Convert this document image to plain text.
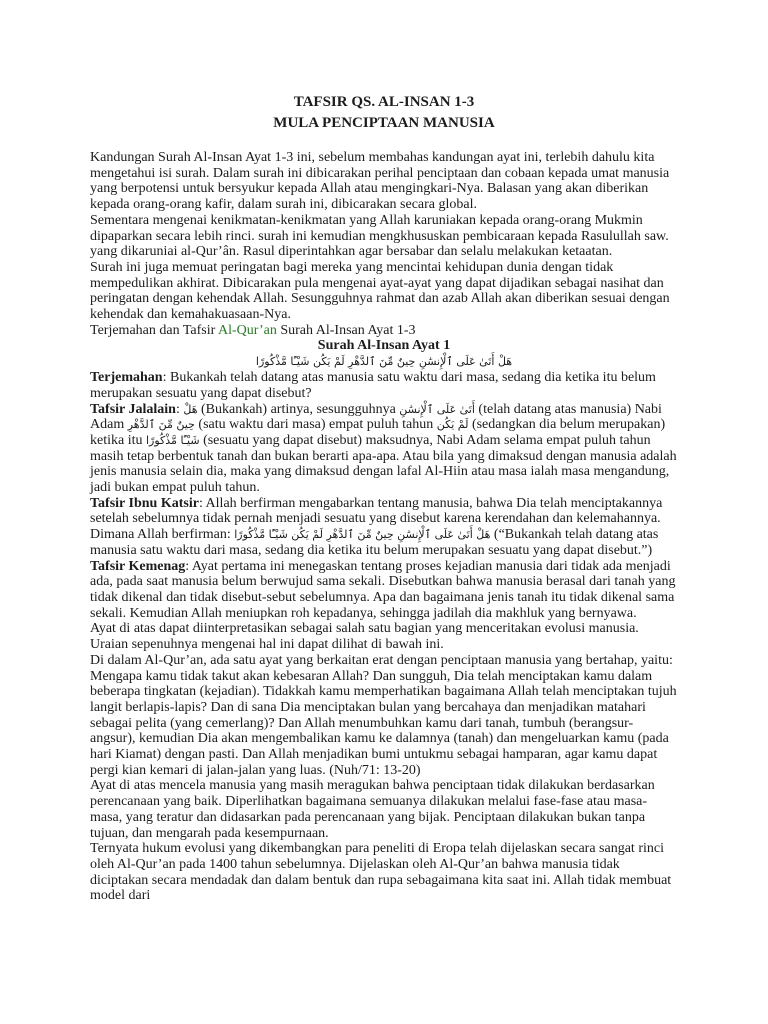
TAFSIR QS. AL-INSAN 1-3
MULA PENCIPTAAN MANUSIA

Kandungan Surah Al-Insan Ayat 1-3 ini, sebelum membahas kandungan ayat ini, terlebih dahulu kita mengetahui isi surah. Dalam surah ini dibicarakan perihal penciptaan dan cobaan kepada umat manusia yang berpotensi untuk bersyukur kepada Allah atau mengingkari-Nya. Balasan yang akan diberikan kepada orang-orang kafir, dalam surah ini, dibicarakan secara global.

Sementara mengenai kenikmatan-kenikmatan yang Allah karuniakan kepada orang-orang Mukmin dipaparkan secara lebih rinci. surah ini kemudian mengkhususkan pembicaraan kepada Rasulullah saw. yang dikaruniai al-Qur’ân. Rasul diperintahkan agar bersabar dan selalu melakukan ketaatan.

Surah ini juga memuat peringatan bagi mereka yang mencintai kehidupan dunia dengan tidak mempedulikan akhirat. Dibicarakan pula mengenai ayat-ayat yang dapat dijadikan sebagai nasihat dan peringatan dengan kehendak Allah. Sesungguhnya rahmat dan azab Allah akan diberikan sesuai dengan kehendak dan kemahakuasaan-Nya.

Terjemahan dan Tafsir Al-Qur’an Surah Al-Insan Ayat 1-3

Surah Al-Insan Ayat 1

هَلْ أَتَىٰ عَلَى ٱلْإِنسَٰنِ حِينٌ مِّنَ ٱلدَّهْرِ لَمْ يَكُن شَيْـًٔا مَّذْكُورًا

Terjemahan: Bukankah telah datang atas manusia satu waktu dari masa, sedang dia ketika itu belum merupakan sesuatu yang dapat disebut?

Tafsir Jalalain: هَلْ (Bukankah) artinya, sesungguhnya أَتَىٰ عَلَى ٱلْإِنسَٰنِ (telah datang atas manusia) Nabi Adam حِينٌ مِّنَ ٱلدَّهْرِ (satu waktu dari masa) empat puluh tahun لَمْ يَكُن (sedangkan dia belum merupakan) ketika itu شَيْـًٔا مَّذْكُورًا (sesuatu yang dapat disebut) maksudnya, Nabi Adam selama empat puluh tahun masih tetap berbentuk tanah dan bukan berarti apa-apa. Atau bila yang dimaksud dengan manusia adalah jenis manusia selain dia, maka yang dimaksud dengan lafal Al-Hiin atau masa ialah masa mengandung, jadi bukan empat puluh tahun.

Tafsir Ibnu Katsir: Allah berfirman mengabarkan tentang manusia, bahwa Dia telah menciptakannya setelah sebelumnya tidak pernah menjadi sesuatu yang disebut karena kerendahan dan kelemahannya. Dimana Allah berfirman: هَلْ أَتَىٰ عَلَى ٱلْإِنسَٰنِ حِينٌ مِّنَ ٱلدَّهْرِ لَمْ يَكُن شَيْـًٔا مَّذْكُورًا (“Bukankah telah datang atas manusia satu waktu dari masa, sedang dia ketika itu belum merupakan sesuatu yang dapat disebut.”)

Tafsir Kemenag: Ayat pertama ini menegaskan tentang proses kejadian manusia dari tidak ada menjadi ada, pada saat manusia belum berwujud sama sekali. Disebutkan bahwa manusia berasal dari tanah yang tidak dikenal dan tidak disebut-sebut sebelumnya. Apa dan bagaimana jenis tanah itu tidak dikenal sama sekali. Kemudian Allah meniupkan roh kepadanya, sehingga jadilah dia makhluk yang bernyawa.

Ayat di atas dapat diinterpretasikan sebagai salah satu bagian yang menceritakan evolusi manusia. Uraian sepenuhnya mengenai hal ini dapat dilihat di bawah ini.

Di dalam Al-Qur’an, ada satu ayat yang berkaitan erat dengan penciptaan manusia yang bertahap, yaitu: Mengapa kamu tidak takut akan kebesaran Allah? Dan sungguh, Dia telah menciptakan kamu dalam beberapa tingkatan (kejadian). Tidakkah kamu memperhatikan bagaimana Allah telah menciptakan tujuh langit berlapis-lapis? Dan di sana Dia menciptakan bulan yang bercahaya dan menjadikan matahari sebagai pelita (yang cemerlang)? Dan Allah menumbuhkan kamu dari tanah, tumbuh (berangsur-angsur), kemudian Dia akan mengembalikan kamu ke dalamnya (tanah) dan mengeluarkan kamu (pada hari Kiamat) dengan pasti. Dan Allah menjadikan bumi untukmu sebagai hamparan, agar kamu dapat pergi kian kemari di jalan-jalan yang luas. (Nuh/71: 13-20)

Ayat di atas mencela manusia yang masih meragukan bahwa penciptaan tidak dilakukan berdasarkan perencanaan yang baik. Diperlihatkan bagaimana semuanya dilakukan melalui fase-fase atau masa-masa, yang teratur dan didasarkan pada perencanaan yang bijak. Penciptaan dilakukan bukan tanpa tujuan, dan mengarah pada kesempurnaan.

Ternyata hukum evolusi yang dikembangkan para peneliti di Eropa telah dijelaskan secara sangat rinci oleh Al-Qur’an pada 1400 tahun sebelumnya. Dijelaskan oleh Al-Qur’an bahwa manusia tidak diciptakan secara mendadak dan dalam bentuk dan rupa sebagaimana kita saat ini. Allah tidak membuat model dari
